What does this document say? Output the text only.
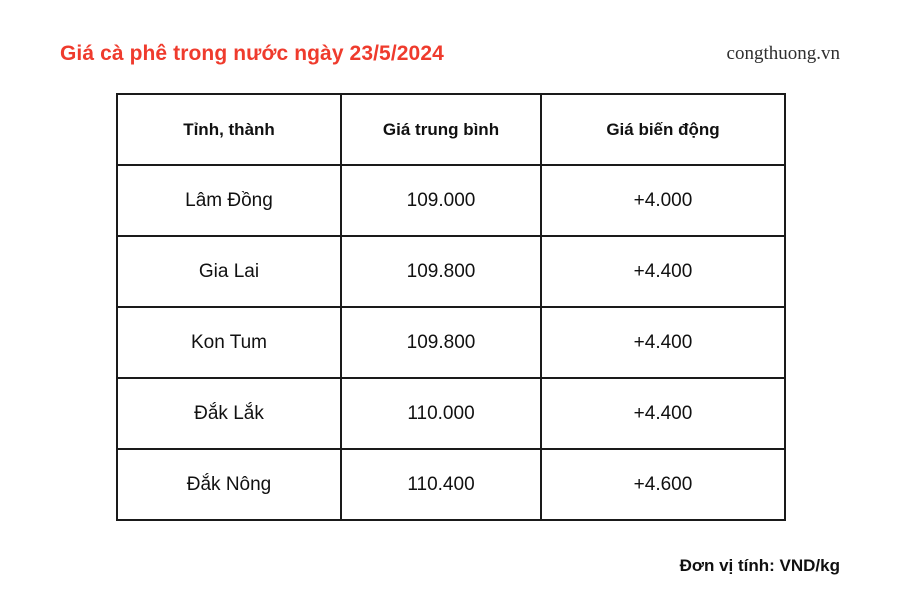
Giá cà phê trong nước ngày 23/5/2024	congthuong.vn
Tỉnh, thành	Giá trung bình	Giá biến động
Lâm Đồng	109.000	+4.000
Gia Lai	109.800	+4.400
Kon Tum	109.800	+4.400
Đắk Lắk	110.000	+4.400
Đắk Nông	110.400	+4.600
Đơn vị tính: VND/kg
